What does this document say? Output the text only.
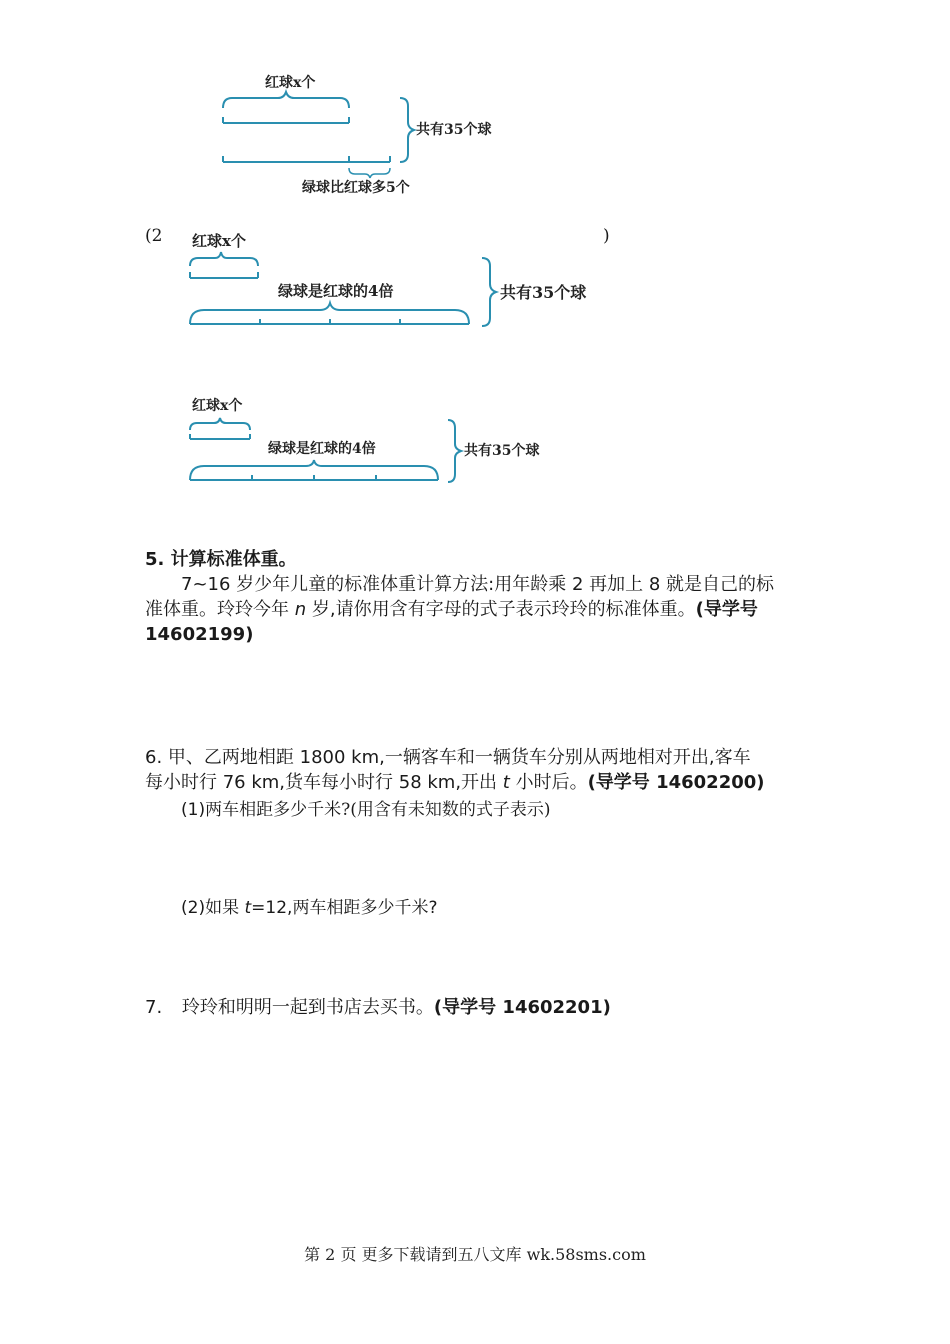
红球x个
绿球比红球多5个
共有35个球
(2	)
红球x个
绿球是红球的4倍	共有35个球
红球x个
绿球是红球的4倍	共有35个球
5. 计算标准体重。
7~16 岁少年儿童的标准体重计算方法:用年龄乘 2 再加上 8 就是自己的标
准体重。玲玲今年 n 岁,请你用含有字母的式子表示玲玲的标准体重。(导学号
14602199)
6. 甲、乙两地相距 1800 km,一辆客车和一辆货车分别从两地相对开出,客车
每小时行 76 km,货车每小时行 58 km,开出 t 小时后。(导学号 14602200)
(1)两车相距多少千米?(用含有未知数的式子表示)
(2)如果 t=12,两车相距多少千米?
7. 玲玲和明明一起到书店去买书。(导学号 14602201)
第 2 页 更多下载请到五八文库 wk.58sms.com
